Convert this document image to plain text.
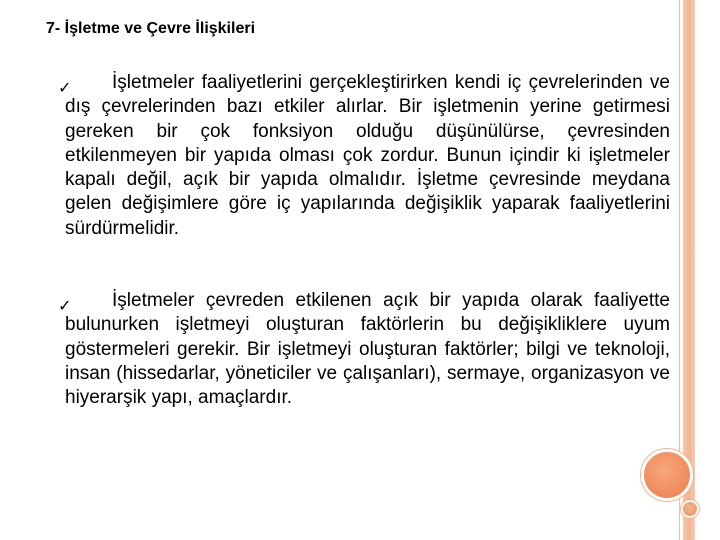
7- İşletme ve Çevre İlişkileri
✓	İşletmeler faaliyetlerini gerçekleştirirken kendi iç çevrelerinden ve dış çevrelerinden bazı etkiler alırlar. Bir işletmenin yerine getirmesi gereken bir çok fonksiyon olduğu düşünülürse, çevresinden etkilenmeyen bir yapıda olması çok zordur. Bunun içindir ki işletmeler kapalı değil, açık bir yapıda olmalıdır. İşletme çevresinde meydana gelen değişimlere göre iç yapılarında değişiklik yaparak faaliyetlerini sürdürmelidir.
✓	İşletmeler çevreden etkilenen açık bir yapıda olarak faaliyette bulunurken işletmeyi oluşturan faktörlerin bu değişikliklere uyum göstermeleri gerekir. Bir işletmeyi oluşturan faktörler; bilgi ve teknoloji, insan (hissedarlar, yöneticiler ve çalışanları), sermaye, organizasyon ve hiyerarşik yapı, amaçlardır.
